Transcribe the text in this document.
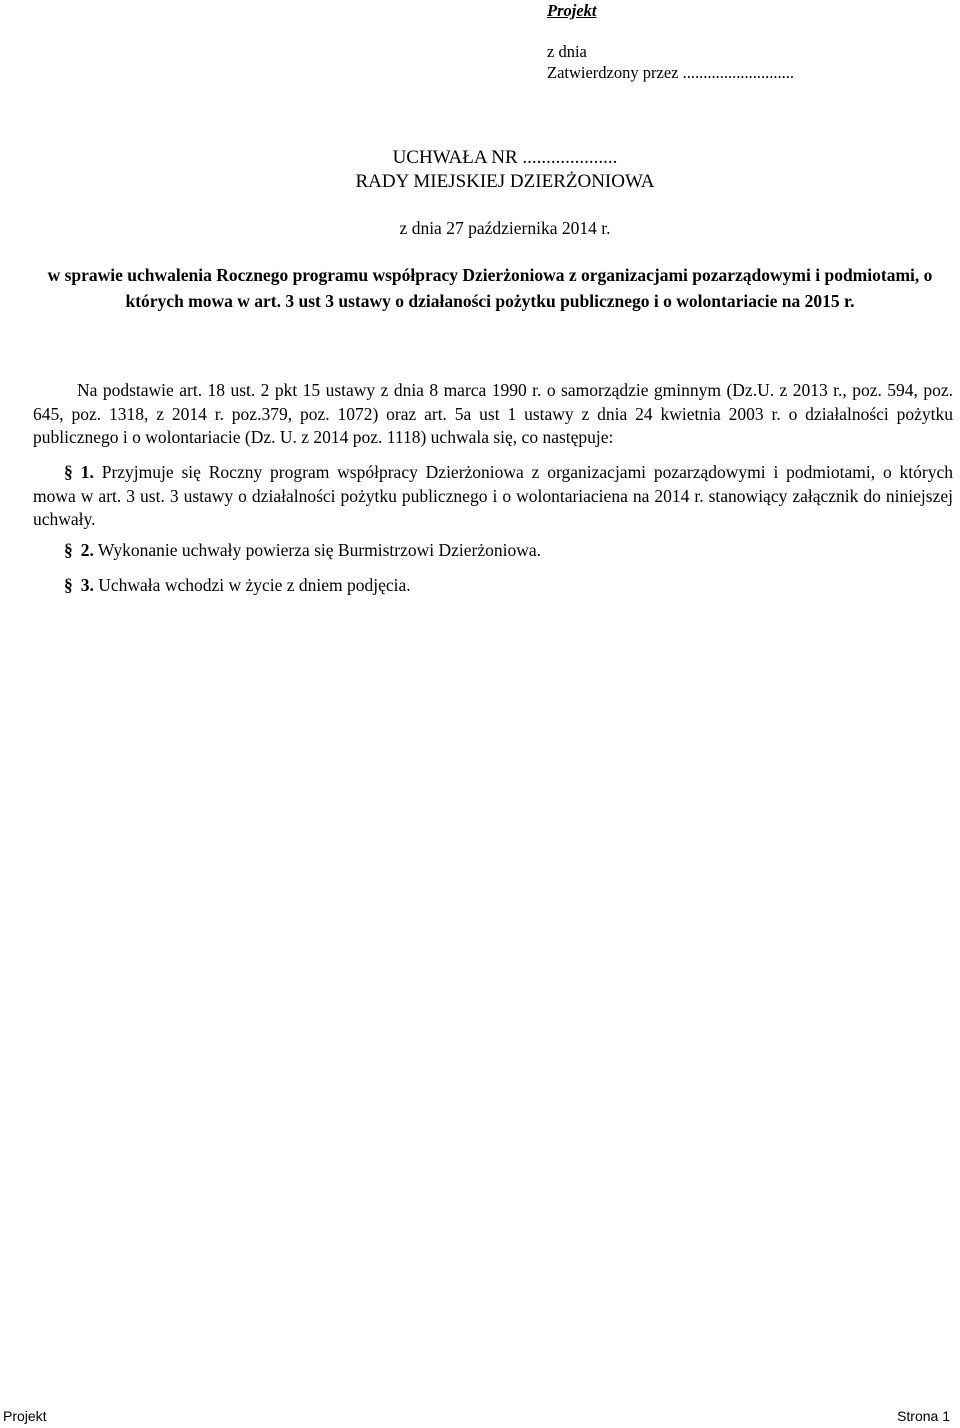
Projekt
z dnia
Zatwierdzony przez ...........................
UCHWAŁA NR ....................
RADY MIEJSKIEJ DZIERŻONIOWA
z dnia 27 października 2014 r.
w sprawie uchwalenia Rocznego programu współpracy Dzierżoniowa z organizacjami pozarządowymi i podmiotami, o których mowa w art. 3 ust 3 ustawy o działaności pożytku publicznego i o wolontariacie na 2015 r.
Na podstawie art. 18 ust. 2 pkt 15 ustawy z dnia 8 marca 1990 r. o samorządzie gminnym (Dz.U. z 2013 r., poz. 594, poz. 645, poz. 1318, z 2014 r. poz.379, poz. 1072) oraz art. 5a ust 1 ustawy z dnia 24 kwietnia 2003 r. o działalności pożytku publicznego i o wolontariacie (Dz. U. z 2014 poz. 1118) uchwala się, co następuje:
§ 1. Przyjmuje się Roczny program współpracy Dzierżoniowa z organizacjami pozarządowymi i podmiotami, o których mowa w art. 3 ust. 3 ustawy o działalności pożytku publicznego i o wolontariaciena na 2014 r. stanowiący załącznik do niniejszej uchwały.
§ 2. Wykonanie uchwały powierza się Burmistrzowi Dzierżoniowa.
§ 3. Uchwała wchodzi w życie z dniem podjęcia.
Projekt	Strona 1
